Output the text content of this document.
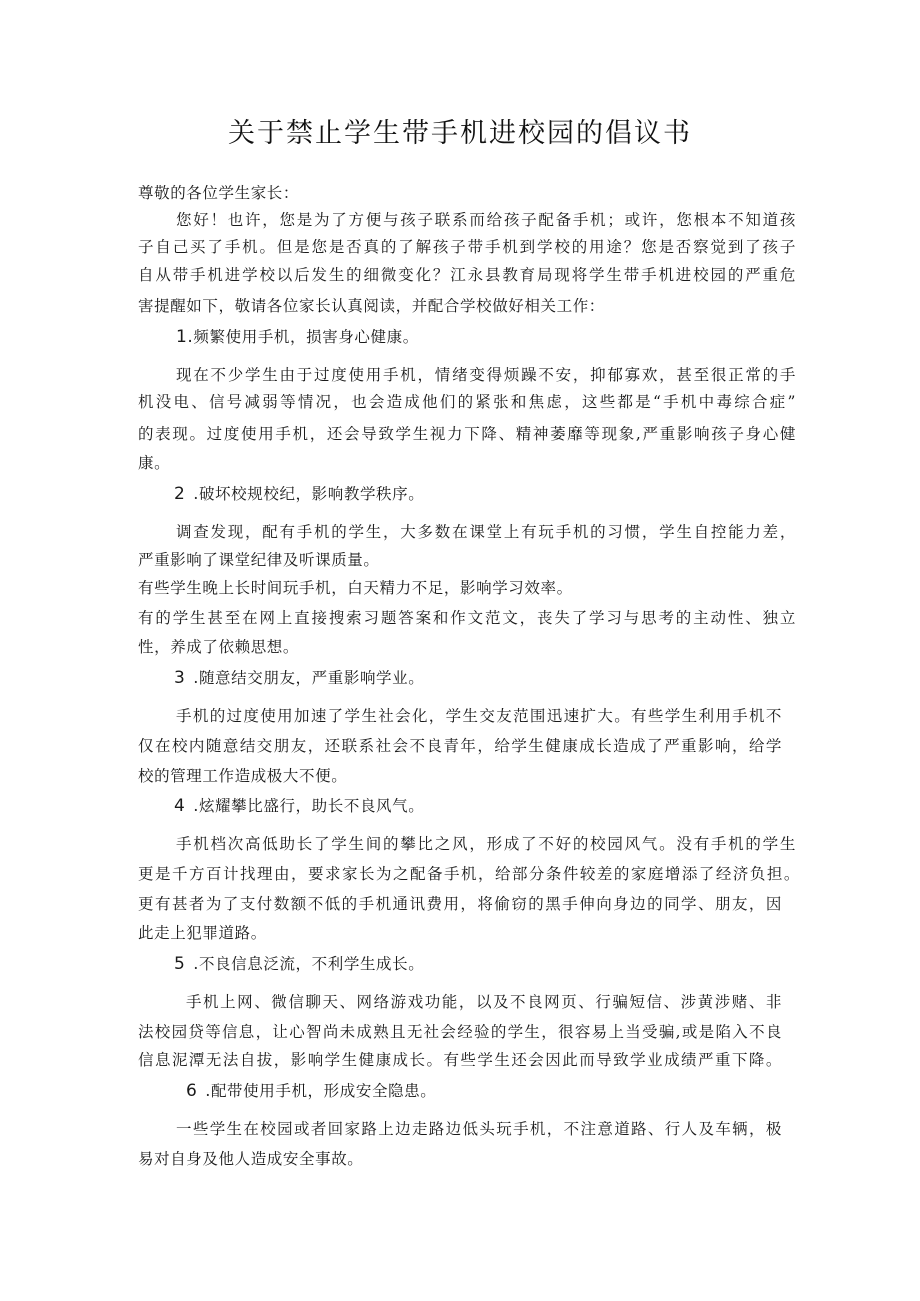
关于禁止学生带手机进校园的倡议书
尊敬的各位学生家长：
您好！也许，您是为了方便与孩子联系而给孩子配备手机；或许，您根本不知道孩
子自己买了手机。但是您是否真的了解孩子带手机到学校的用途？您是否察觉到了孩子
自从带手机进学校以后发生的细微变化？江永县教育局现将学生带手机进校园的严重危
害提醒如下，敬请各位家长认真阅读，并配合学校做好相关工作：
1.频繁使用手机，损害身心健康。
现在不少学生由于过度使用手机，情绪变得烦躁不安，抑郁寡欢，甚至很正常的手
机没电、信号减弱等情况，也会造成他们的紧张和焦虑，这些都是“手机中毒综合症”
的表现。过度使用手机，还会导致学生视力下降、精神萎靡等现象,严重影响孩子身心健
康。
2 .破坏校规校纪，影响教学秩序。
调查发现，配有手机的学生，大多数在课堂上有玩手机的习惯，学生自控能力差，
严重影响了课堂纪律及听课质量。
有些学生晚上长时间玩手机，白天精力不足，影响学习效率。
有的学生甚至在网上直接搜索习题答案和作文范文，丧失了学习与思考的主动性、独立
性，养成了依赖思想。
3 .随意结交朋友，严重影响学业。
手机的过度使用加速了学生社会化，学生交友范围迅速扩大。有些学生利用手机不
仅在校内随意结交朋友，还联系社会不良青年，给学生健康成长造成了严重影响，给学
校的管理工作造成极大不便。
4 .炫耀攀比盛行，助长不良风气。
手机档次高低助长了学生间的攀比之风，形成了不好的校园风气。没有手机的学生
更是千方百计找理由，要求家长为之配备手机，给部分条件较差的家庭增添了经济负担。
更有甚者为了支付数额不低的手机通讯费用，将偷窃的黑手伸向身边的同学、朋友，因
此走上犯罪道路。
5 .不良信息泛流，不利学生成长。
手机上网、微信聊天、网络游戏功能，以及不良网页、行骗短信、涉黄涉赌、非
法校园贷等信息，让心智尚未成熟且无社会经验的学生，很容易上当受骗,或是陷入不良
信息泥潭无法自拔，影响学生健康成长。有些学生还会因此而导致学业成绩严重下降。
6 .配带使用手机，形成安全隐患。
一些学生在校园或者回家路上边走路边低头玩手机，不注意道路、行人及车辆，极
易对自身及他人造成安全事故。
